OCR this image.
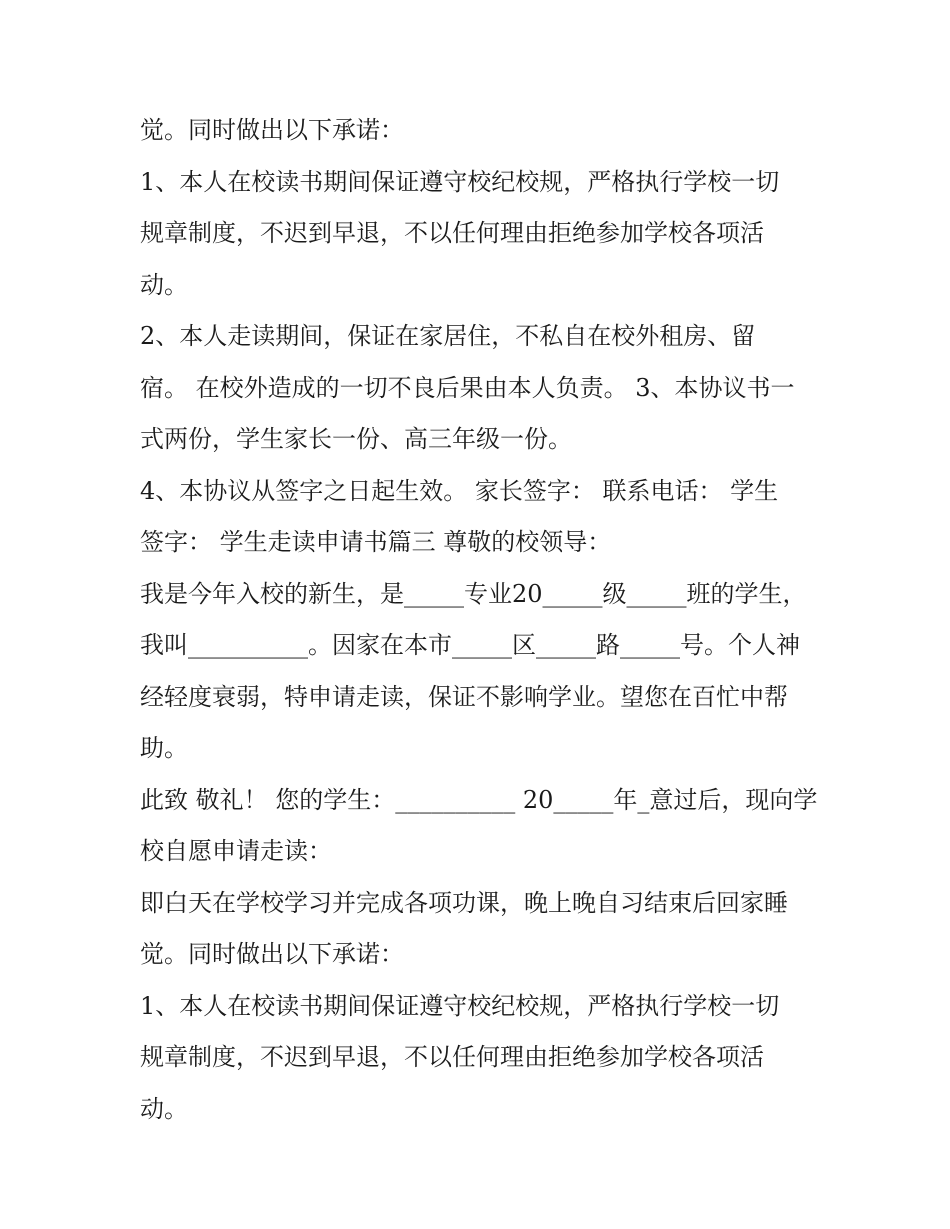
觉。同时做出以下承诺：
1、本人在校读书期间保证遵守校纪校规，严格执行学校一切
规章制度，不迟到早退，不以任何理由拒绝参加学校各项活
动。
2、本人走读期间，保证在家居住，不私自在校外租房、留
宿。 在校外造成的一切不良后果由本人负责。 3、本协议书一
式两份，学生家长一份、高三年级一份。
4、本协议从签字之日起生效。 家长签字： 联系电话： 学生
签字： 学生走读申请书篇三 尊敬的校领导：
我是今年入校的新生，是_____专业20_____级_____班的学生，
我叫__________。因家在本市_____区_____路_____号。个人神
经轻度衰弱，特申请走读，保证不影响学业。望您在百忙中帮
助。
此致 敬礼！ 您的学生：__________ 20_____年_意过后，现向学
校自愿申请走读：
即白天在学校学习并完成各项功课，晚上晚自习结束后回家睡
觉。同时做出以下承诺：
1、本人在校读书期间保证遵守校纪校规，严格执行学校一切
规章制度，不迟到早退，不以任何理由拒绝参加学校各项活
动。
